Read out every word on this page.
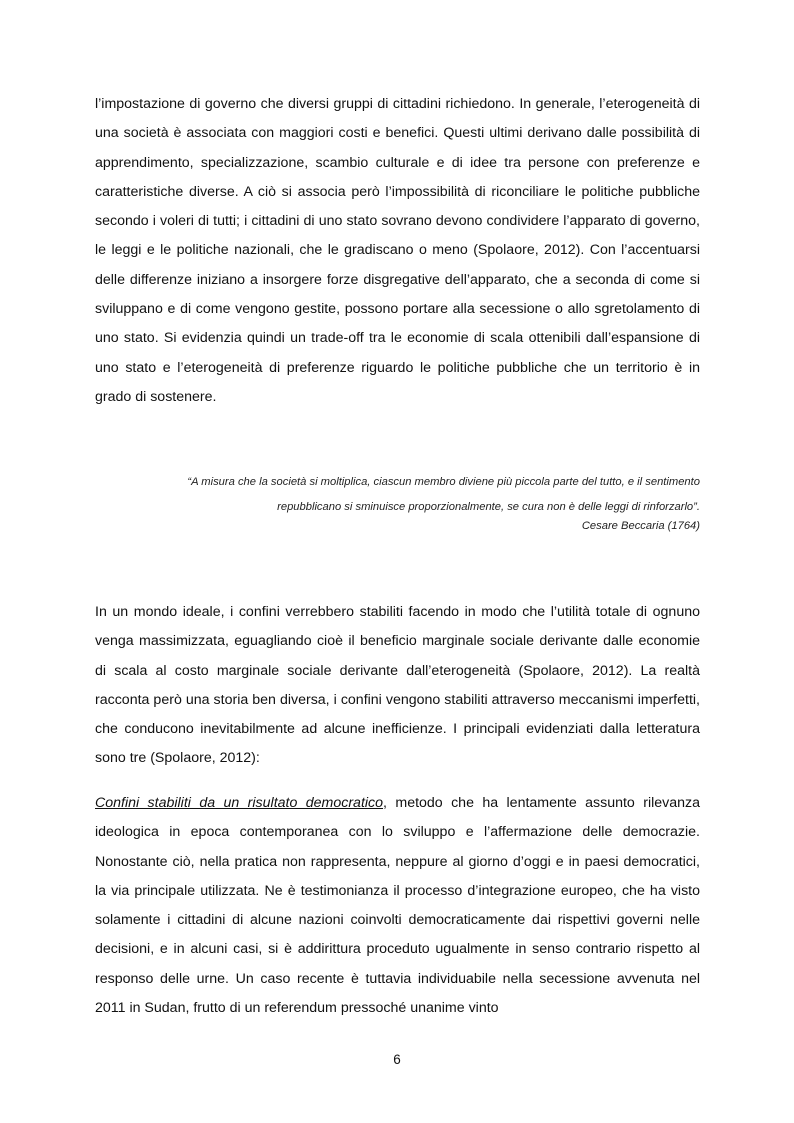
l’impostazione di governo che diversi gruppi di cittadini richiedono. In generale, l’eterogeneità di una società è associata con maggiori costi e benefici. Questi ultimi derivano dalle possibilità di apprendimento, specializzazione, scambio culturale e di idee tra persone con preferenze e caratteristiche diverse. A ciò si associa però l’impossibilità di riconciliare le politiche pubbliche secondo i voleri di tutti; i cittadini di uno stato sovrano devono condividere l’apparato di governo, le leggi e le politiche nazionali, che le gradiscano o meno (Spolaore, 2012). Con l’accentuarsi delle differenze iniziano a insorgere forze disgregative dell’apparato, che a seconda di come si sviluppano e di come vengono gestite, possono portare alla secessione o allo sgretolamento di uno stato. Si evidenzia quindi un trade-off tra le economie di scala ottenibili dall’espansione di uno stato e l’eterogeneità di preferenze riguardo le politiche pubbliche che un territorio è in grado di sostenere.

“A misura che la società si moltiplica, ciascun membro diviene più piccola parte del tutto, e il sentimento repubblicano si sminuisce proporzionalmente, se cura non è delle leggi di rinforzarlo”.
Cesare Beccaria (1764)

In un mondo ideale, i confini verrebbero stabiliti facendo in modo che l’utilità totale di ognuno venga massimizzata, eguagliando cioè il beneficio marginale sociale derivante dalle economie di scala al costo marginale sociale derivante dall’eterogeneità (Spolaore, 2012). La realtà racconta però una storia ben diversa, i confini vengono stabiliti attraverso meccanismi imperfetti, che conducono inevitabilmente ad alcune inefficienze. I principali evidenziati dalla letteratura sono tre (Spolaore, 2012):

Confini stabiliti da un risultato democratico, metodo che ha lentamente assunto rilevanza ideologica in epoca contemporanea con lo sviluppo e l’affermazione delle democrazie. Nonostante ciò, nella pratica non rappresenta, neppure al giorno d’oggi e in paesi democratici, la via principale utilizzata. Ne è testimonianza il processo d’integrazione europeo, che ha visto solamente i cittadini di alcune nazioni coinvolti democraticamente dai rispettivi governi nelle decisioni, e in alcuni casi, si è addirittura proceduto ugualmente in senso contrario rispetto al responso delle urne. Un caso recente è tuttavia individuabile nella secessione avvenuta nel 2011 in Sudan, frutto di un referendum pressoché unanime vinto

6
